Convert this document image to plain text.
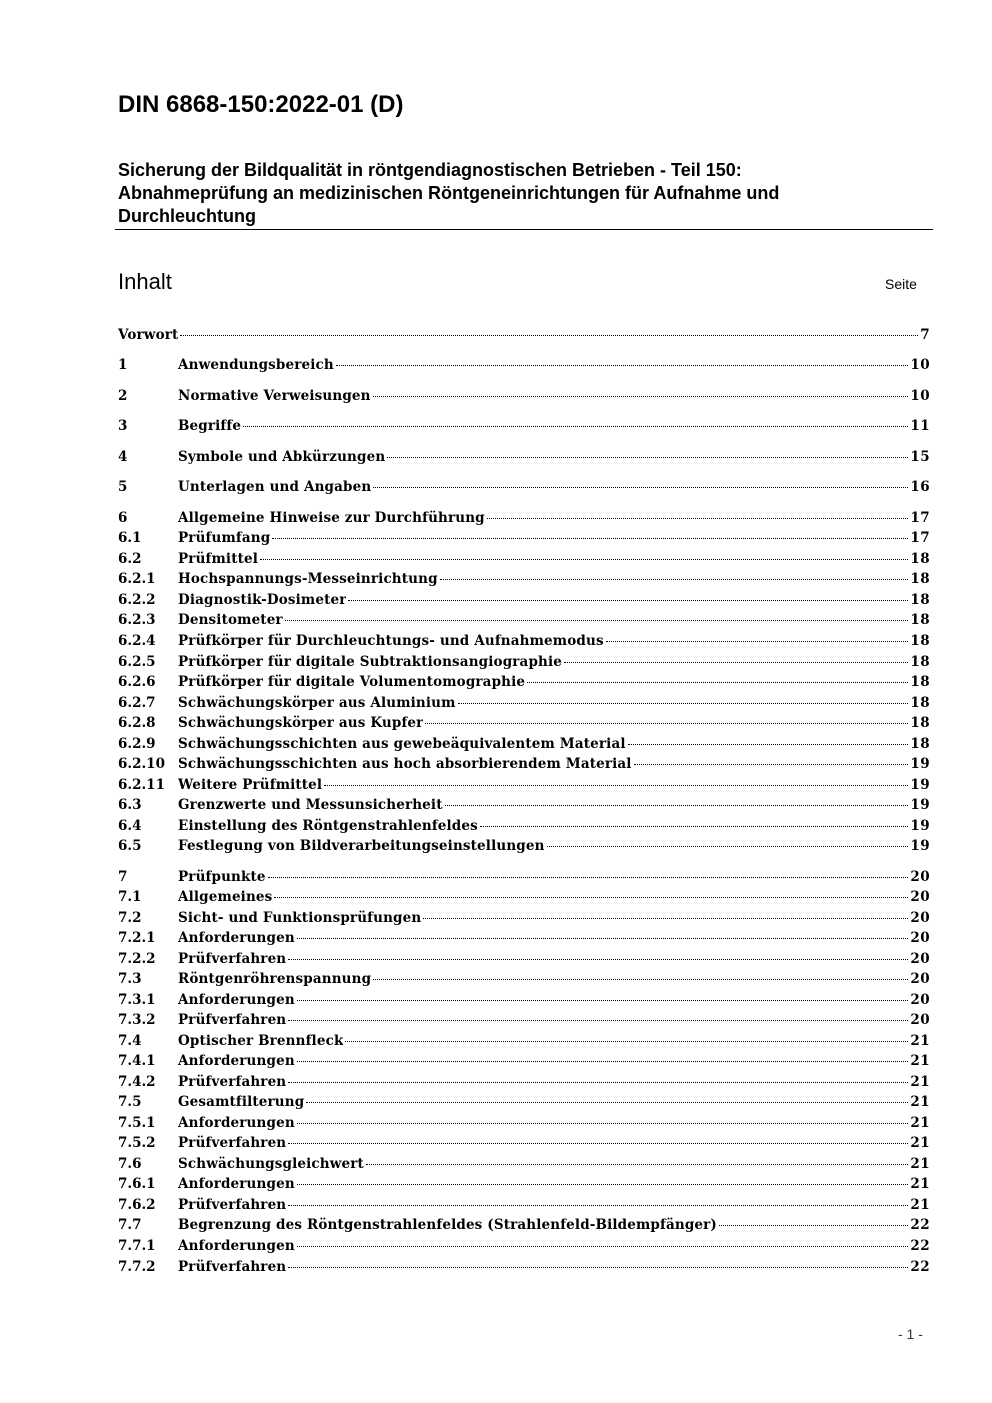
DIN 6868-150:2022-01 (D)
Sicherung der Bildqualität in röntgendiagnostischen Betrieben - Teil 150:
Abnahmeprüfung an medizinischen Röntgeneinrichtungen für Aufnahme und
Durchleuchtung
Inhalt	Seite
Vorwort	7
1	Anwendungsbereich	10
2	Normative Verweisungen	10
3	Begriffe	11
4	Symbole und Abkürzungen	15
5	Unterlagen und Angaben	16
6	Allgemeine Hinweise zur Durchführung	17
6.1	Prüfumfang	17
6.2	Prüfmittel	18
6.2.1	Hochspannungs-Messeinrichtung	18
6.2.2	Diagnostik-Dosimeter	18
6.2.3	Densitometer	18
6.2.4	Prüfkörper für Durchleuchtungs- und Aufnahmemodus	18
6.2.5	Prüfkörper für digitale Subtraktionsangiographie	18
6.2.6	Prüfkörper für digitale Volumentomographie	18
6.2.7	Schwächungskörper aus Aluminium	18
6.2.8	Schwächungskörper aus Kupfer	18
6.2.9	Schwächungsschichten aus gewebeäquivalentem Material	18
6.2.10 Schwächungsschichten aus hoch absorbierendem Material	19
6.2.11 Weitere Prüfmittel	19
6.3	Grenzwerte und Messunsicherheit	19
6.4	Einstellung des Röntgenstrahlenfeldes	19
6.5	Festlegung von Bildverarbeitungseinstellungen	19
7	Prüfpunkte	20
7.1	Allgemeines	20
7.2	Sicht- und Funktionsprüfungen	20
7.2.1	Anforderungen	20
7.2.2	Prüfverfahren	20
7.3	Röntgenröhrenspannung	20
7.3.1	Anforderungen	20
7.3.2	Prüfverfahren	20
7.4	Optischer Brennfleck	21
7.4.1	Anforderungen	21
7.4.2	Prüfverfahren	21
7.5	Gesamtfilterung	21
7.5.1	Anforderungen	21
7.5.2	Prüfverfahren	21
7.6	Schwächungsgleichwert	21
7.6.1	Anforderungen	21
7.6.2	Prüfverfahren	21
7.7	Begrenzung des Röntgenstrahlenfeldes (Strahlenfeld-Bildempfänger)	22
7.7.1	Anforderungen	22
7.7.2	Prüfverfahren	22
- 1 -
